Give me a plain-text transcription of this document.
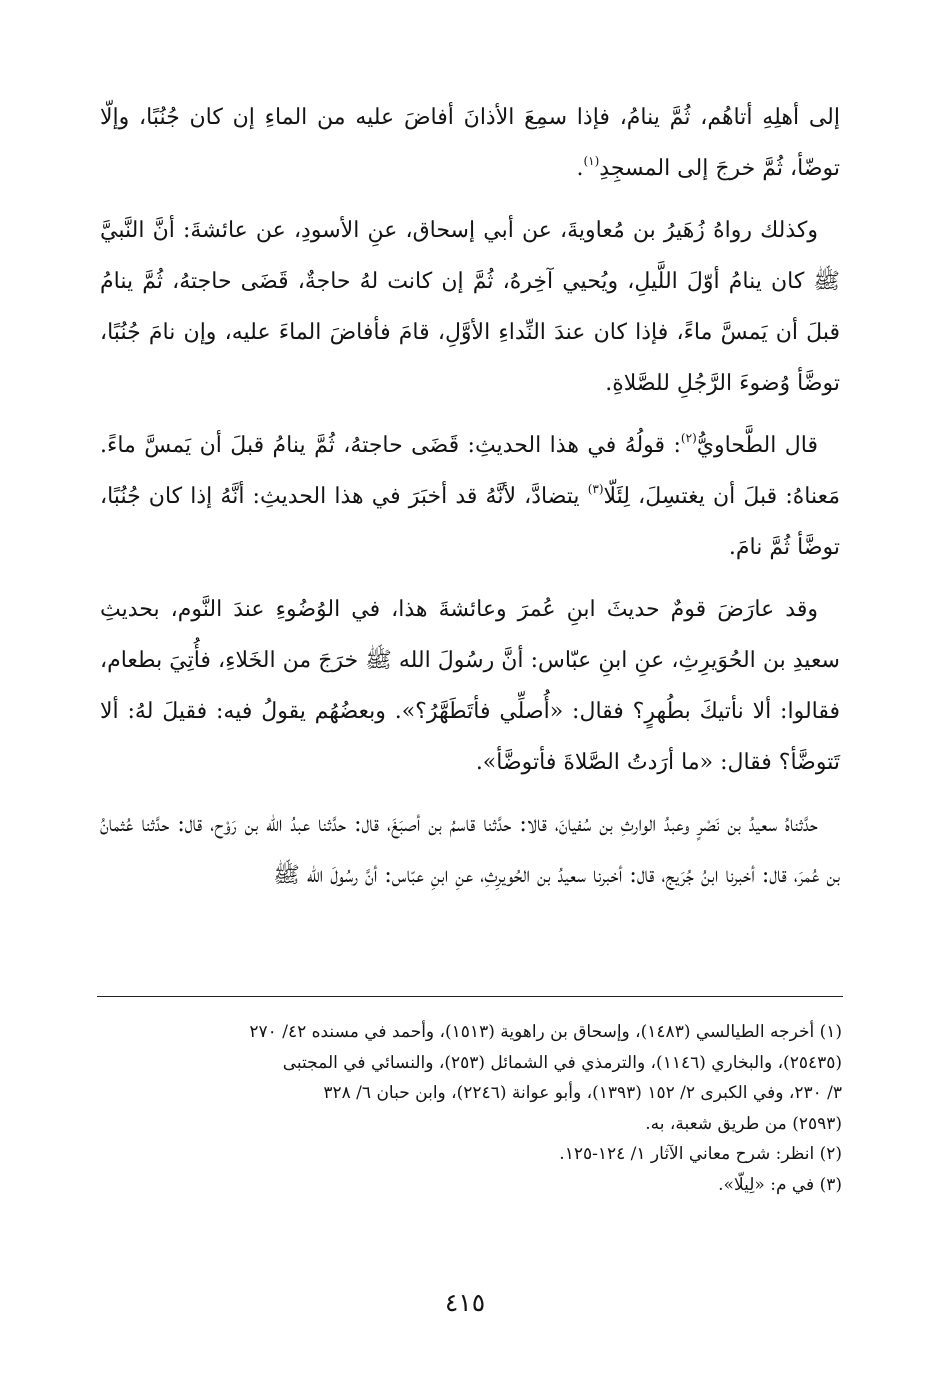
إلى أهلِهِ أتاهُم، ثُمَّ ينامُ، فإذا سمِعَ الأذانَ أفاضَ عليه من الماءِ إن كان جُنُبًا، وإلّا توضّأ، ثُمَّ خرجَ إلى المسجِدِ$^{(١)}$.

وكذلك رواهُ زُهَيرُ بن مُعاويةَ، عن أبي إسحاق، عنِ الأسودِ، عن عائشةَ: أنَّ النَّبيَّ ﷺ كان ينامُ أوّلَ اللَّيلِ، ويُحيي آخِرهُ، ثُمَّ إن كانت لهُ حاجةٌ، قَضَى حاجتهُ، ثُمَّ ينامُ قبلَ أن يَمسَّ ماءً، فإذا كان عندَ النِّداءِ الأوَّلِ، قامَ فأفاضَ الماءَ عليه، وإن نامَ جُنُبًا، توضَّأ وُضوءَ الرَّجُلِ للصَّلاةِ.

قال الطَّحاويُّ$^{(٢)}$: قولُهُ في هذا الحديثِ: قَضَى حاجتهُ، ثُمَّ ينامُ قبلَ أن يَمسَّ ماءً. مَعناهُ: قبلَ أن يغتسِلَ، لِئَلّا$^{(٣)}$ يتضادَّ، لأنَّهُ قد أخبَرَ في هذا الحديثِ: أنَّهُ إذا كان جُنُبًا، توضَّأ ثُمَّ نامَ.

وقد عارَضَ قومٌ حديثَ ابنِ عُمرَ وعائشةَ هذا، في الوُضُوءِ عندَ النَّوم، بحديثِ سعيدِ بن الحُوَيرِثِ، عنِ ابنِ عبّاس: أنَّ رسُولَ الله ﷺ خرَجَ من الخَلاءِ، فأُتِيَ بطعام، فقالوا: ألا نأتيكَ بطُهرٍ؟ فقال: «أُصلِّي فأتَطَهَّرُ؟». وبعضُهُم يقولُ فيه: فقيلَ لهُ: ألا تَتوضَّأ؟ فقال: «ما أرَدتُ الصَّلاةَ فأتوضَّأ».

حدَّثناهُ سعيدُ بن نَصْرٍ وعبدُ الوارثِ بن سُفيانَ، قالا: حدَّثنا قاسمُ بن أصبَغَ، قال: حدَّثنا عبدُ الله بن رَوْح، قال: حدَّثنا عُثمانُ بن عُمرَ، قال: أخبرنا ابنُ جُرَيج، قال: أخبرنا سعيدُ بن الحُويرِثِ، عنِ ابنِ عبّاس: أنَّ رسُولَ الله ﷺ

(١) أخرجه الطيالسي (١٤٨٣)، وإسحاق بن راهوية (١٥١٣)، وأحمد في مسنده ٤٢/ ٢٧٠
(٢٥٤٣٥)، والبخاري (١١٤٦)، والترمذي في الشمائل (٢٥٣)، والنسائي في المجتبى
٣/ ٢٣٠، وفي الكبرى ٢/ ١٥٢ (١٣٩٣)، وأبو عوانة (٢٢٤٦)، وابن حبان ٦/ ٣٢٨
(٢٥٩٣) من طريق شعبة، به.

(٢) انظر: شرح معاني الآثار ١/ ١٢٤-١٢٥.

(٣) في م: «لِيلّا».

٤١٥
